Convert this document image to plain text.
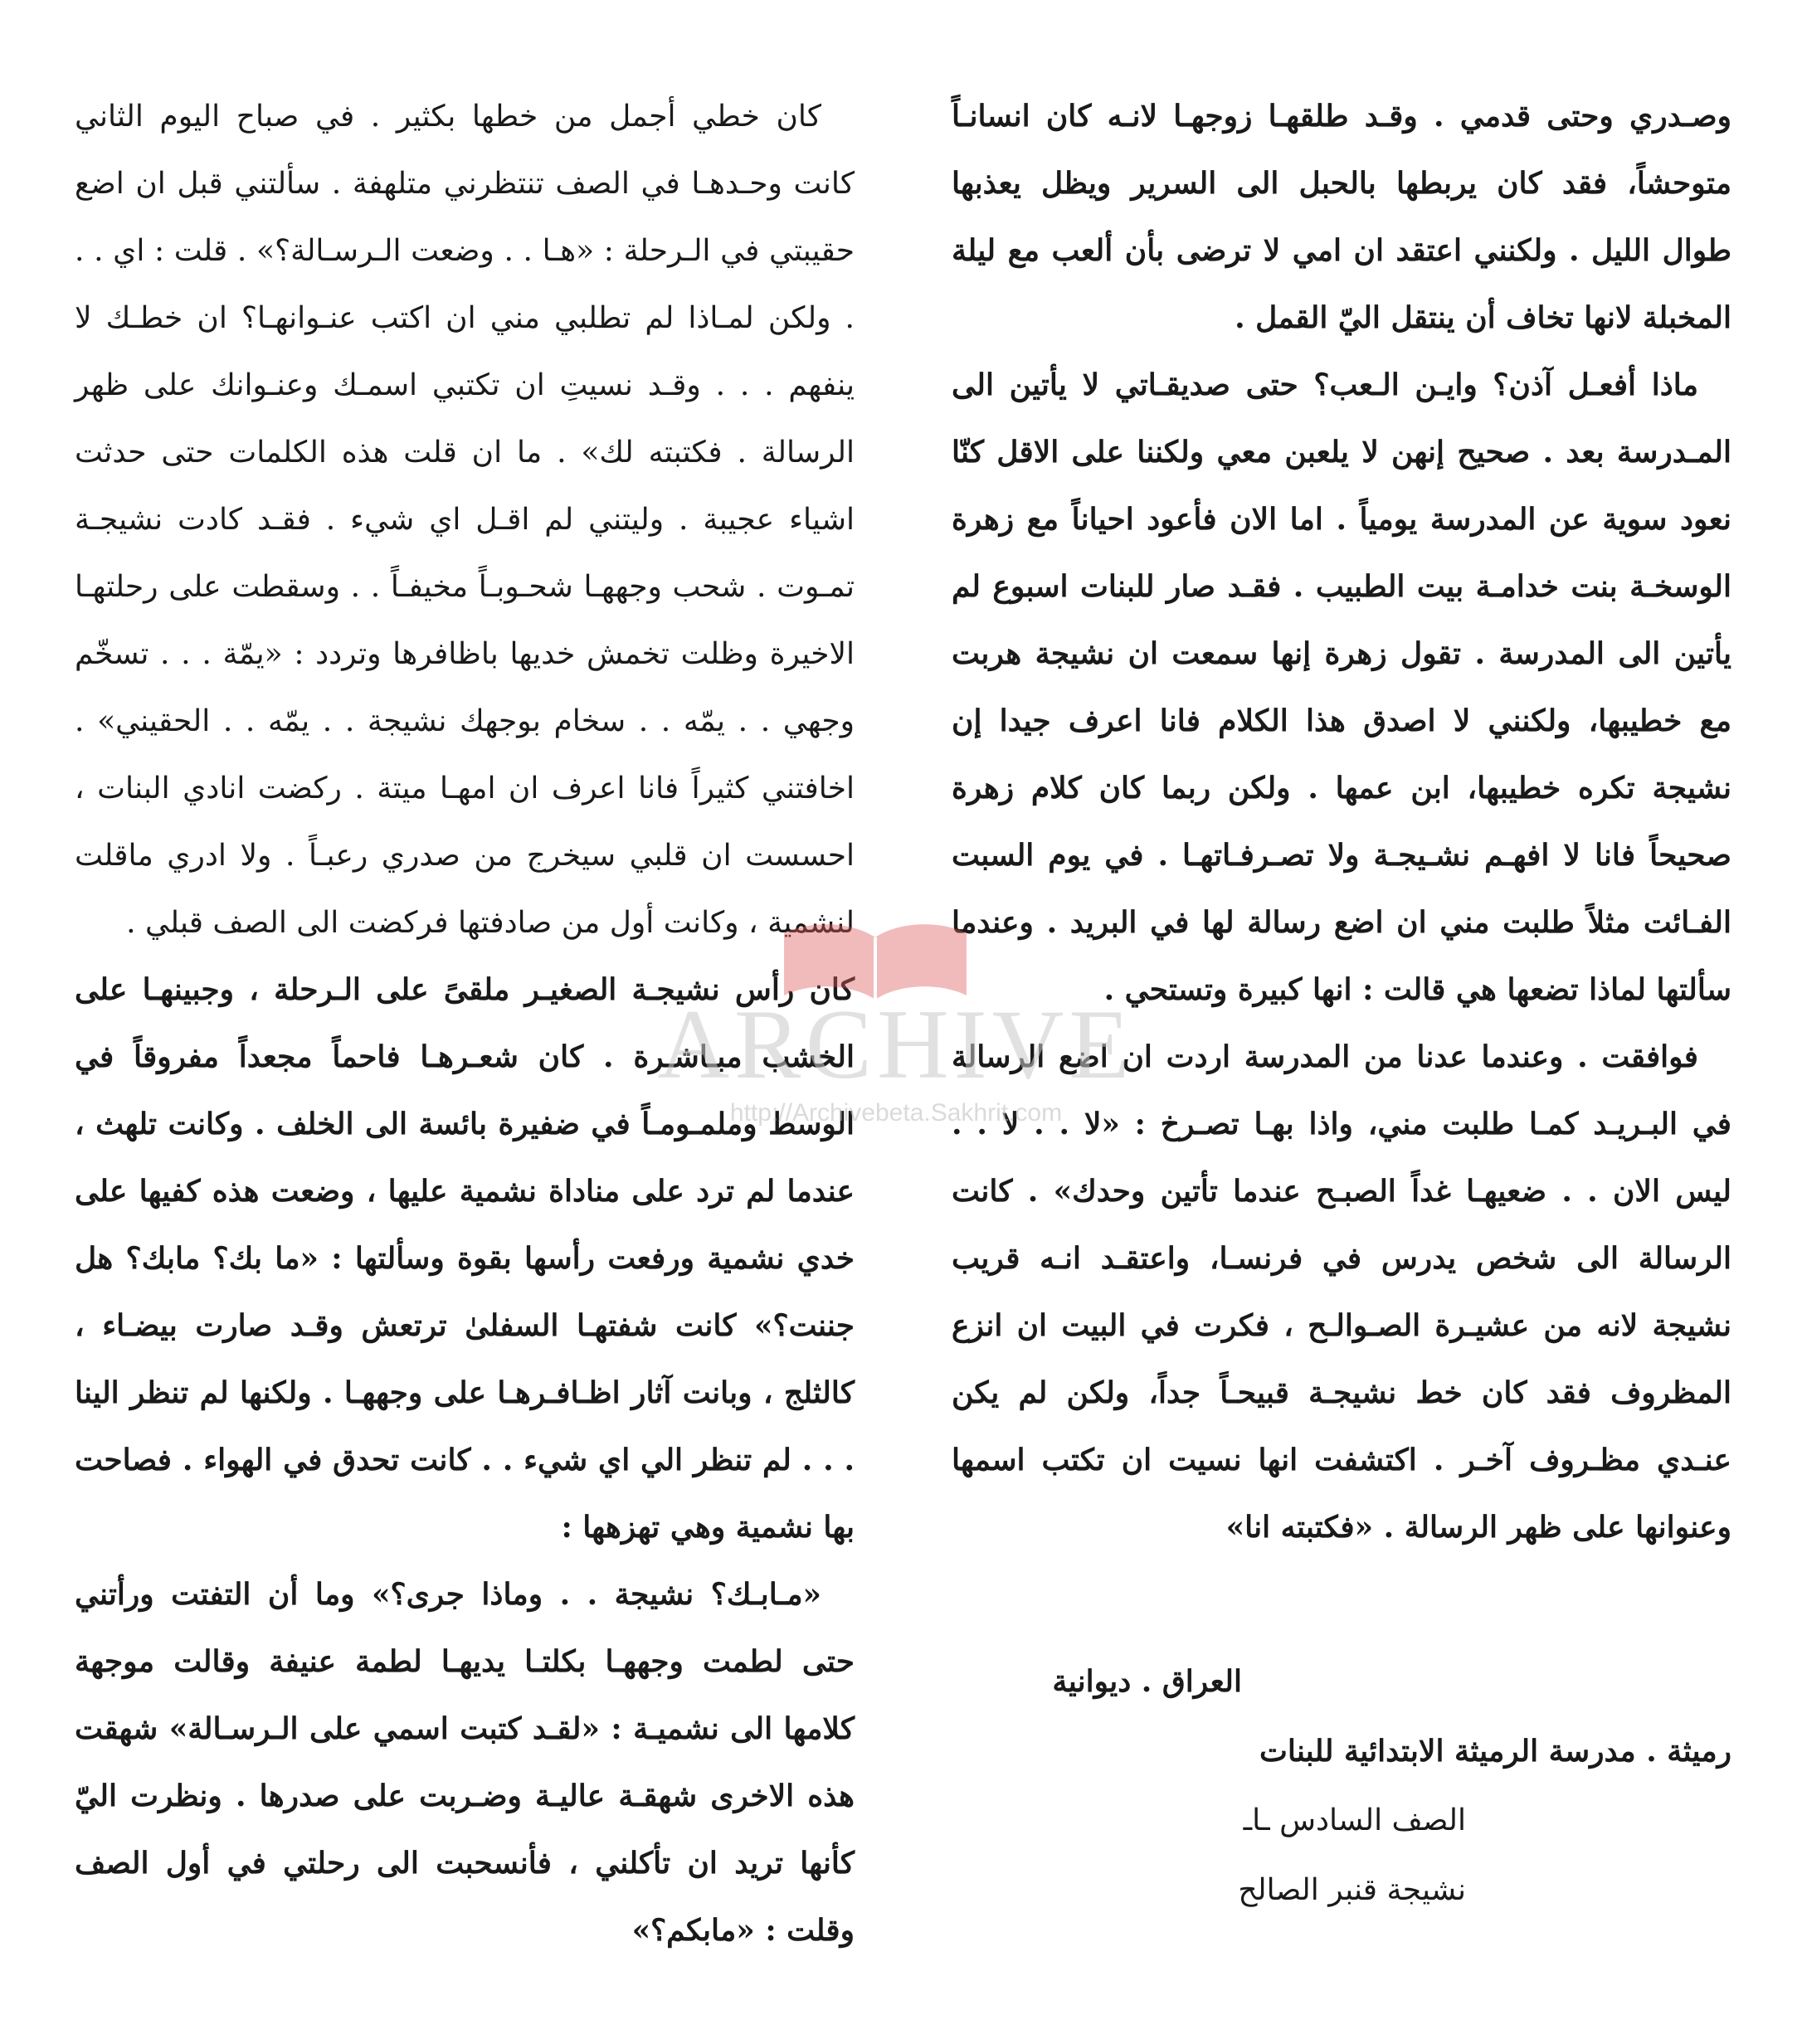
وصـدري وحتى قدمي . وقـد طلقهـا زوجهـا لانـه كان انسانـاً متوحشاً، فقد كان يربطها بالحبل الى السرير ويظل يعذبها طوال الليل . ولكنني اعتقد ان امي لا ترضى بأن ألعب مع ليلة المخبلة لانها تخاف أن ينتقل اليّ القمل .

ماذا أفعـل آذن؟ وايـن الـعب؟ حتى صديقـاتي لا يأتين الى المـدرسة بعد . صحيح إنهن لا يلعبن معي ولكننا على الاقل كنّا نعود سوية عن المدرسة يومياً . اما الان فأعود احياناً مع زهرة الوسخـة بنت خدامـة بيت الطبيب . فقـد صار للبنات اسبوع لم يأتين الى المدرسة . تقول زهرة إنها سمعت ان نشيجة هربت مع خطيبها، ولكنني لا اصدق هذا الكلام فانا اعرف جيدا إن نشيجة تكره خطيبها، ابن عمها . ولكن ربما كان كلام زهرة صحيحاً فانا لا افهـم نشـيجـة ولا تصـرفـاتهـا . في يوم السبت الفـائت مثلاً طلبت مني ان اضع رسالة لها في البريد . وعندما سألتها لماذا تضعها هي قالت : انها كبيرة وتستحي .

فوافقت . وعندما عدنا من المدرسة اردت ان اضع الرسالة في البـريـد كمـا طلبت مني، واذا بهـا تصـرخ : «لا . . لا . . ليس الان . . ضعيهـا غداً الصبـح عندما تأتين وحدك» . كانت الرسالة الى شخص يدرس في فرنسـا، واعتقـد انـه قريب نشيجة لانه من عشيـرة الصـوالـح ، فكرت في البيت ان انزع المظروف فقد كان خط نشيجـة قبيحـاً جداً، ولكن لم يكن عنـدي مظـروف آخـر . اكتشفت انها نسيت ان تكتب اسمها وعنوانها على ظهر الرسالة . «فكتبته انا»

كان خطي أجمل من خطها بكثير . في صباح اليوم الثاني كانت وحـدهـا في الصف تنتظرني متلهفة . سألتني قبل ان اضع حقيبتي في الـرحلة : «هـا . . وضعت الـرسـالة؟» . قلت : اي . . . ولكن لمـاذا لم تطلبي مني ان اكتب عنـوانهـا؟ ان خطـك لا ينفهم . . . وقـد نسيتِ ان تكتبي اسمـك وعنـوانك على ظهر الرسالة . فكتبته لك» . ما ان قلت هذه الكلمات حتى حدثت اشياء عجيبة . وليتني لم اقـل اي شيء . فقـد كادت نشيجـة تمـوت . شحب وجههـا شحـوبـاً مخيفـاً . . وسقطت على رحلتهـا الاخيرة وظلت تخمش خديها باظافرها وتردد : «يمّة . . . تسخّم وجهي . . يمّه . . سخام بوجهك نشيجة . . يمّه . . الحقيني» . اخافتني كثيراً فانا اعرف ان امهـا ميتة . ركضت انادي البنات ، احسست ان قلبي سيخرج من صدري رعبـاً . ولا ادري ماقلت لنشمية ، وكانت أول من صادفتها فركضت الى الصف قبلي .

كان رأس نشيجـة الصغيـر ملقىً على الـرحلة ، وجبينهـا على الخشب مبـاشـرة . كان شعـرهـا فاحماً مجعداً مفروقاً في الوسط وملمـومـاً في ضفيرة بائسة الى الخلف . وكانت تلهث ، عندما لم ترد على مناداة نشمية عليها ، وضعت هذه كفيها على خدي نشمية ورفعت رأسها بقوة وسألتها : «ما بك؟ مابك؟ هل جننت؟» كانت شفتهـا السفلىٰ ترتعش وقـد صارت بيضـاء ، كالثلج ، وبانت آثار اظـافـرهـا على وجههـا . ولكنها لم تنظر الينا . . . لم تنظر الي اي شيء . . كانت تحدق في الهواء . فصاحت بها نشمية وهي تهزهها :

«مـابـك؟ نشيجة . . وماذا جرى؟» وما أن التفتت ورأتني حتى لطمت وجههـا بكلتـا يديهـا لطمة عنيفة وقالت موجهة كلامها الى نشميـة : «لقـد كتبت اسمي على الـرسـالة» شهقت هذه الاخرى شهقـة عاليـة وضـربت على صدرها . ونظرت اليّ كأنها تريد ان تأكلني ، فأنسحبت الى رحلتي في أول الصف وقلت : «مابكم؟»

العراق . ديوانية
رميثة . مدرسة الرميثة الابتدائية للبنات
الصف السادس ـاـ
نشيجة قنبر الصالح
ARCHIVE
http://Archivebeta.Sakhrit.com
